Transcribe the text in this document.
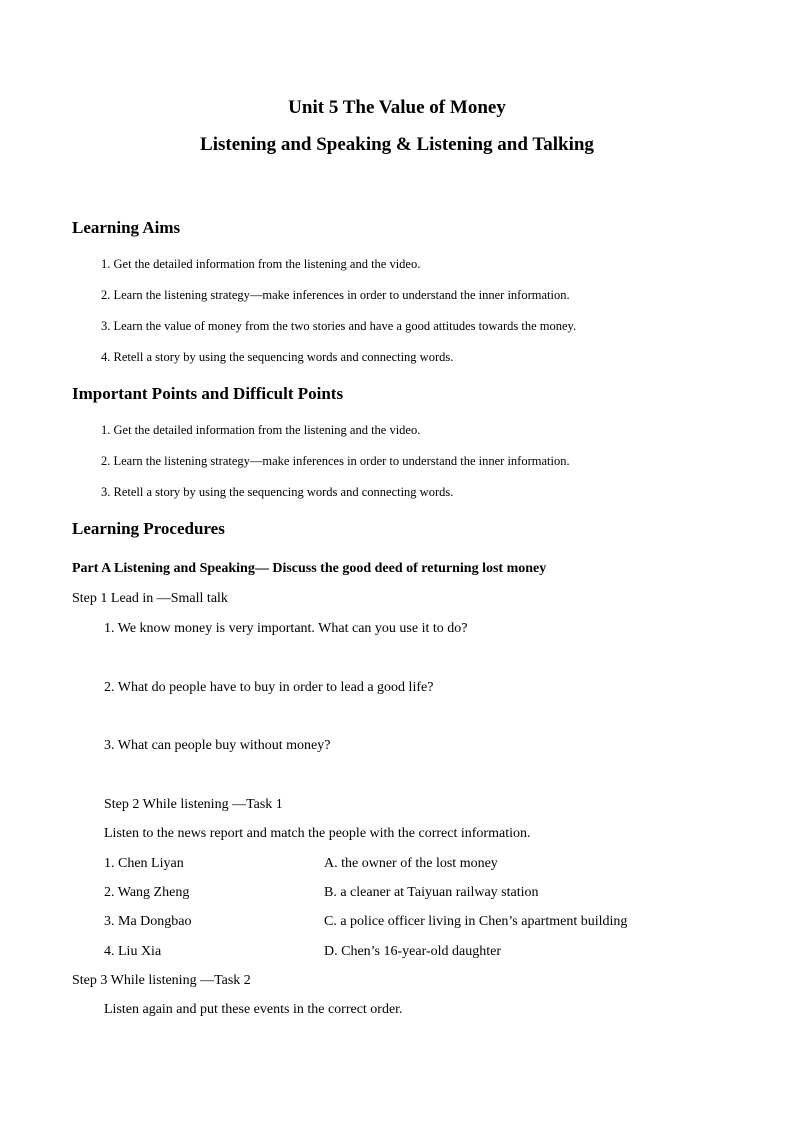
Unit 5 The Value of Money
Listening and Speaking & Listening and Talking
Learning Aims
1. Get the detailed information from the listening and the video.
2. Learn the listening strategy—make inferences in order to understand the inner information.
3. Learn the value of money from the two stories and have a good attitudes towards the money.
4. Retell a story by using the sequencing words and connecting words.
Important Points and Difficult Points
1. Get the detailed information from the listening and the video.
2. Learn the listening strategy—make inferences in order to understand the inner information.
3. Retell a story by using the sequencing words and connecting words.
Learning Procedures
Part A Listening and Speaking— Discuss the good deed of returning lost money
Step 1 Lead in —Small talk
1. We know money is very important. What can you use it to do?
2. What do people have to buy in order to lead a good life?
3. What can people buy without money?
Step 2 While listening —Task 1
Listen to the news report and match the people with the correct information.
1. Chen Liyan	A. the owner of the lost money
2. Wang Zheng	B. a cleaner at Taiyuan railway station
3. Ma Dongbao	C. a police officer living in Chen’s apartment building
4. Liu Xia	D. Chen’s 16-year-old daughter
Step 3 While listening —Task 2
Listen again and put these events in the correct order.
